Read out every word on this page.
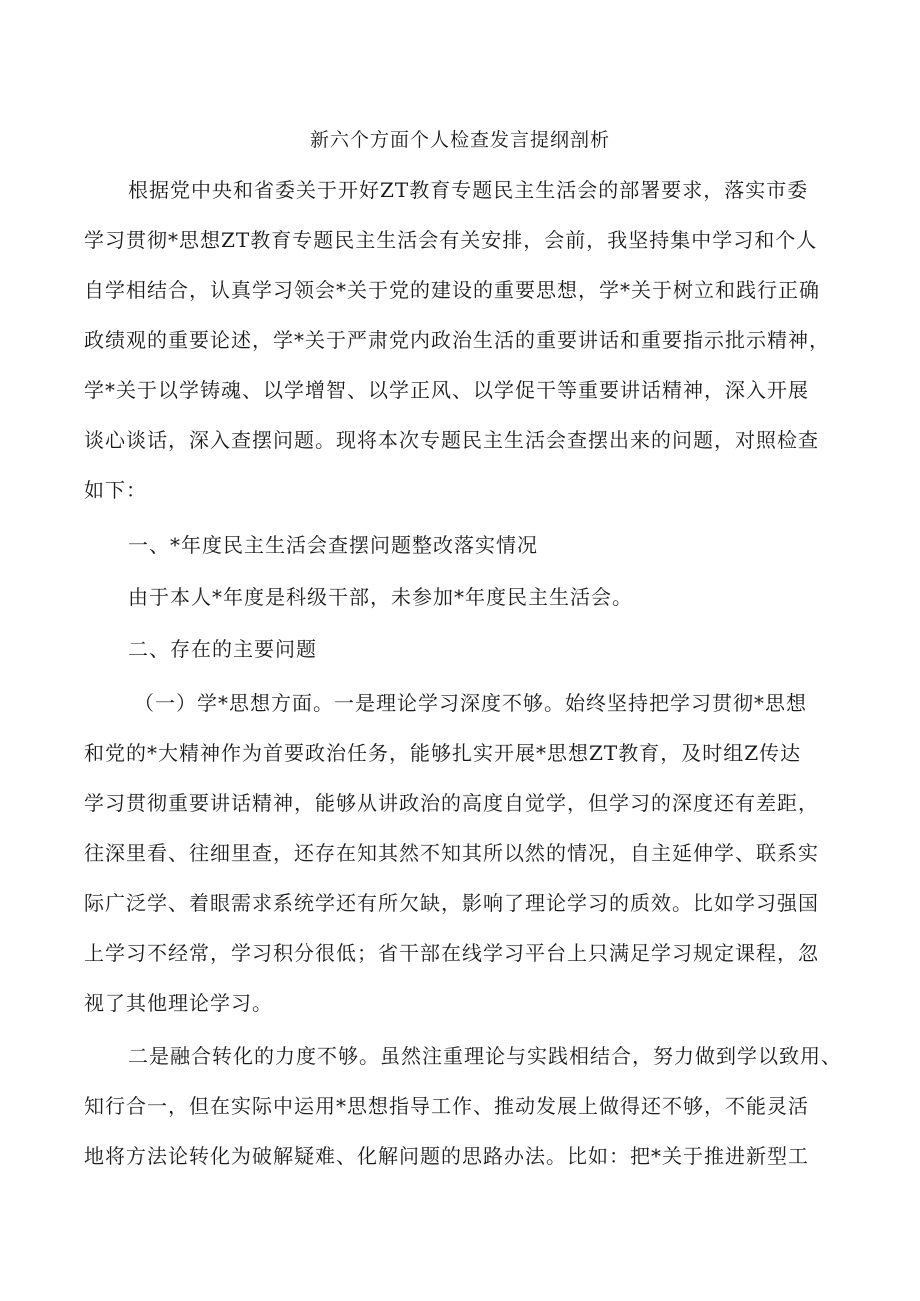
新六个方面个人检查发言提纲剖析
根据党中央和省委关于开好ZT教育专题民主生活会的部署要求，落实市委
学习贯彻*思想ZT教育专题民主生活会有关安排，会前，我坚持集中学习和个人
自学相结合，认真学习领会*关于党的建设的重要思想，学*关于树立和践行正确
政绩观的重要论述，学*关于严肃党内政治生活的重要讲话和重要指示批示精神，
学*关于以学铸魂、以学增智、以学正风、以学促干等重要讲话精神，深入开展
谈心谈话，深入查摆问题。现将本次专题民主生活会查摆出来的问题，对照检查
如下：
一、*年度民主生活会查摆问题整改落实情况
由于本人*年度是科级干部，未参加*年度民主生活会。
二、存在的主要问题
（一）学*思想方面。一是理论学习深度不够。始终坚持把学习贯彻*思想
和党的*大精神作为首要政治任务，能够扎实开展*思想ZT教育，及时组Z传达
学习贯彻重要讲话精神，能够从讲政治的高度自觉学，但学习的深度还有差距，
往深里看、往细里查，还存在知其然不知其所以然的情况，自主延伸学、联系实
际广泛学、着眼需求系统学还有所欠缺，影响了理论学习的质效。比如学习强国
上学习不经常，学习积分很低；省干部在线学习平台上只满足学习规定课程，忽
视了其他理论学习。
二是融合转化的力度不够。虽然注重理论与实践相结合，努力做到学以致用、
知行合一，但在实际中运用*思想指导工作、推动发展上做得还不够，不能灵活
地将方法论转化为破解疑难、化解问题的思路办法。比如：把*关于推进新型工
